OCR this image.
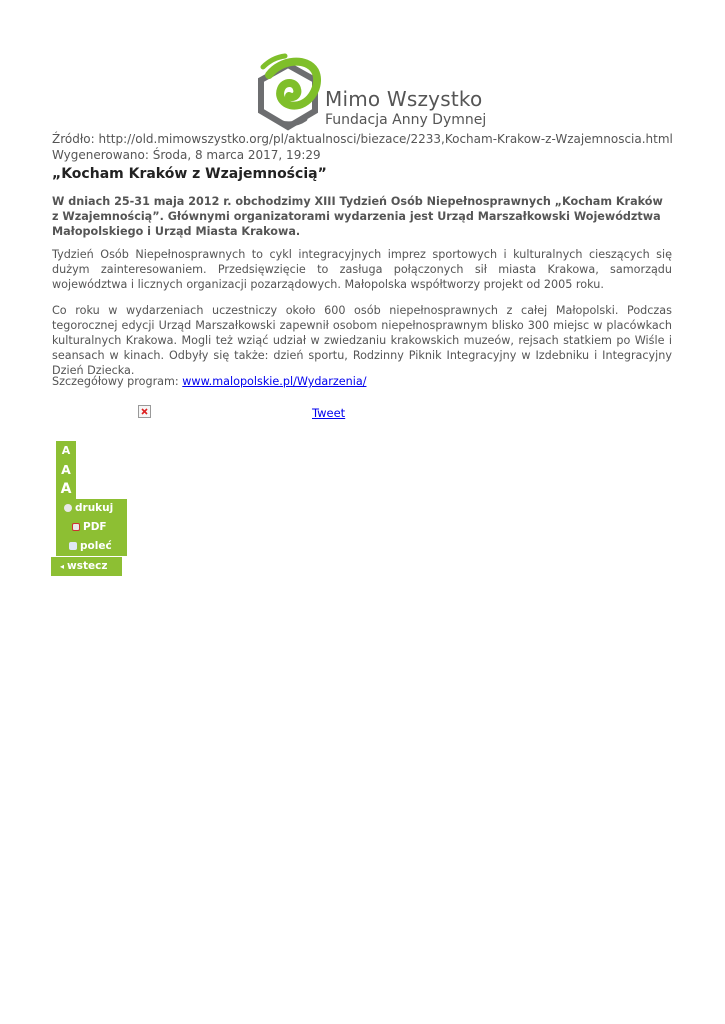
Mimo Wszystko
Fundacja Anny Dymnej
Źródło: http://old.mimowszystko.org/pl/aktualnosci/biezace/2233,Kocham-Krakow-z-Wzajemnoscia.html
Wygenerowano: Środa, 8 marca 2017, 19:29
„Kocham Kraków z Wzajemnością”
W dniach 25-31 maja 2012 r. obchodzimy XIII Tydzień Osób Niepełnosprawnych „Kocham Kraków z Wzajemnością”. Głównymi organizatorami wydarzenia jest Urząd Marszałkowski Województwa Małopolskiego i Urząd Miasta Krakowa.
Tydzień Osób Niepełnosprawnych to cykl integracyjnych imprez sportowych i kulturalnych cieszących się dużym zainteresowaniem. Przedsięwzięcie to zasługa połączonych sił miasta Krakowa, samorządu województwa i licznych organizacji pozarządowych. Małopolska współtworzy projekt od 2005 roku.
Co roku w wydarzeniach uczestniczy około 600 osób niepełnosprawnych z całej Małopolski. Podczas tegorocznej edycji Urząd Marszałkowski zapewnił osobom niepełnosprawnym blisko 300 miejsc w placówkach kulturalnych Krakowa. Mogli też wziąć udział w zwiedzaniu krakowskich muzeów, rejsach statkiem po Wiśle i seansach w kinach. Odbyły się także: dzień sportu, Rodzinny Piknik Integracyjny w Izdebniku i Integracyjny Dzień Dziecka.
Szczegółowy program: www.malopolskie.pl/Wydarzenia/
Tweet
A
A
A
drukuj
PDF
poleć
◂ wstecz
